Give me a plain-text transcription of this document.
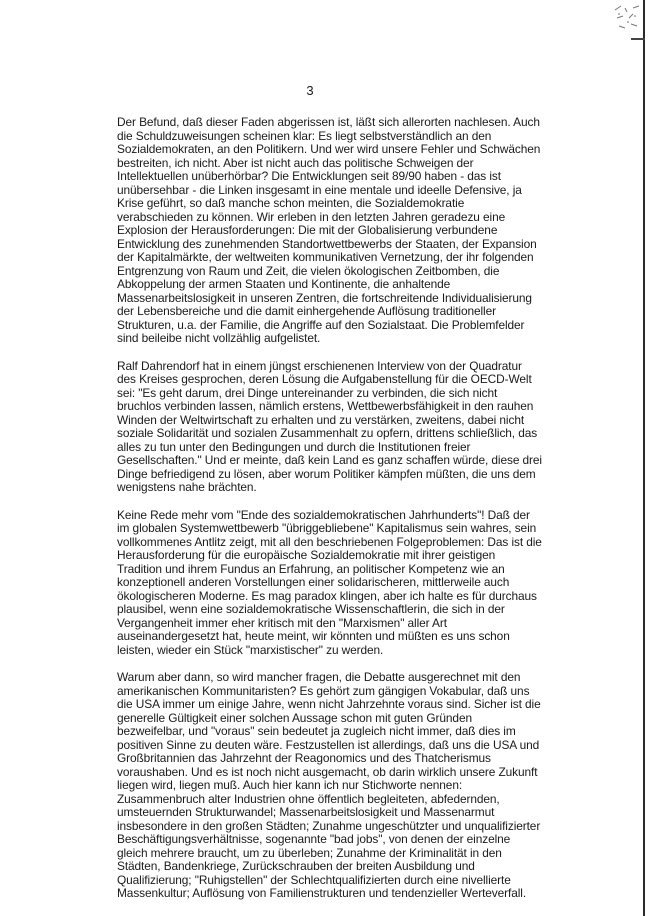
3

Der Befund, daß dieser Faden abgerissen ist, läßt sich allerorten nachlesen. Auch die Schuldzuweisungen scheinen klar: Es liegt selbstverständlich an den Sozialdemokraten, an den Politikern. Und wer wird unsere Fehler und Schwächen bestreiten, ich nicht. Aber ist nicht auch das politische Schweigen der Intellektuellen unüberhörbar? Die Entwicklungen seit 89/90 haben - das ist unübersehbar - die Linken insgesamt in eine mentale und ideelle Defensive, ja Krise geführt, so daß manche schon meinten, die Sozialdemokratie verabschieden zu können. Wir erleben in den letzten Jahren geradezu eine Explosion der Herausforderungen: Die mit der Globalisierung verbundene Entwicklung des zunehmenden Standortwettbewerbs der Staaten, der Expansion der Kapitalmärkte, der weltweiten kommunikativen Vernetzung, der ihr folgenden Entgrenzung von Raum und Zeit, die vielen ökologischen Zeitbomben, die Abkoppelung der armen Staaten und Kontinente, die anhaltende Massenarbeitslosigkeit in unseren Zentren, die fortschreitende Individualisierung der Lebensbereiche und die damit einhergehende Auflösung traditioneller Strukturen, u.a. der Familie, die Angriffe auf den Sozialstaat. Die Problemfelder sind beileibe nicht vollzählig aufgelistet.

Ralf Dahrendorf hat in einem jüngst erschienenen Interview von der Quadratur des Kreises gesprochen, deren Lösung die Aufgabenstellung für die OECD-Welt sei: "Es geht darum, drei Dinge untereinander zu verbinden, die sich nicht bruchlos verbinden lassen, nämlich erstens, Wettbewerbsfähigkeit in den rauhen Winden der Weltwirtschaft zu erhalten und zu verstärken, zweitens, dabei nicht soziale Solidarität und sozialen Zusammenhalt zu opfern, drittens schließlich, das alles zu tun unter den Bedingungen und durch die Institutionen freier Gesellschaften." Und er meinte, daß kein Land es ganz schaffen würde, diese drei Dinge befriedigend zu lösen, aber worum Politiker kämpfen müßten, die uns dem wenigstens nahe brächten.

Keine Rede mehr vom "Ende des sozialdemokratischen Jahrhunderts"! Daß der im globalen Systemwettbewerb "übriggebliebene" Kapitalismus sein wahres, sein vollkommenes Antlitz zeigt, mit all den beschriebenen Folgeproblemen: Das ist die Herausforderung für die europäische Sozialdemokratie mit ihrer geistigen Tradition und ihrem Fundus an Erfahrung, an politischer Kompetenz wie an konzeptionell anderen Vorstellungen einer solidarischeren, mittlerweile auch ökologischeren Moderne. Es mag paradox klingen, aber ich halte es für durchaus plausibel, wenn eine sozialdemokratische Wissenschaftlerin, die sich in der Vergangenheit immer eher kritisch mit den "Marxismen" aller Art auseinandergesetzt hat, heute meint, wir könnten und müßten es uns schon leisten, wieder ein Stück "marxistischer" zu werden.

Warum aber dann, so wird mancher fragen, die Debatte ausgerechnet mit den amerikanischen Kommunitaristen? Es gehört zum gängigen Vokabular, daß uns die USA immer um einige Jahre, wenn nicht Jahrzehnte voraus sind. Sicher ist die generelle Gültigkeit einer solchen Aussage schon mit guten Gründen bezweifelbar, und "voraus" sein bedeutet ja zugleich nicht immer, daß dies im positiven Sinne zu deuten wäre. Festzustellen ist allerdings, daß uns die USA und Großbritannien das Jahrzehnt der Reagonomics und des Thatcherismus voraushaben. Und es ist noch nicht ausgemacht, ob darin wirklich unsere Zukunft liegen wird, liegen muß. Auch hier kann ich nur Stichworte nennen: Zusammenbruch alter Industrien ohne öffentlich begleiteten, abfedernden, umsteuernden Strukturwandel; Massenarbeitslosigkeit und Massenarmut insbesondere in den großen Städten; Zunahme ungeschützter und unqualifizierter Beschäftigungsverhältnisse, sogenannte "bad jobs", von denen der einzelne gleich mehrere braucht, um zu überleben; Zunahme der Kriminalität in den Städten, Bandenkriege, Zurückschrauben der breiten Ausbildung und Qualifizierung; "Ruhigstellen" der Schlechtqualifizierten durch eine nivellierte Massenkultur; Auflösung von Familienstrukturen und tendenzieller Werteverfall.
